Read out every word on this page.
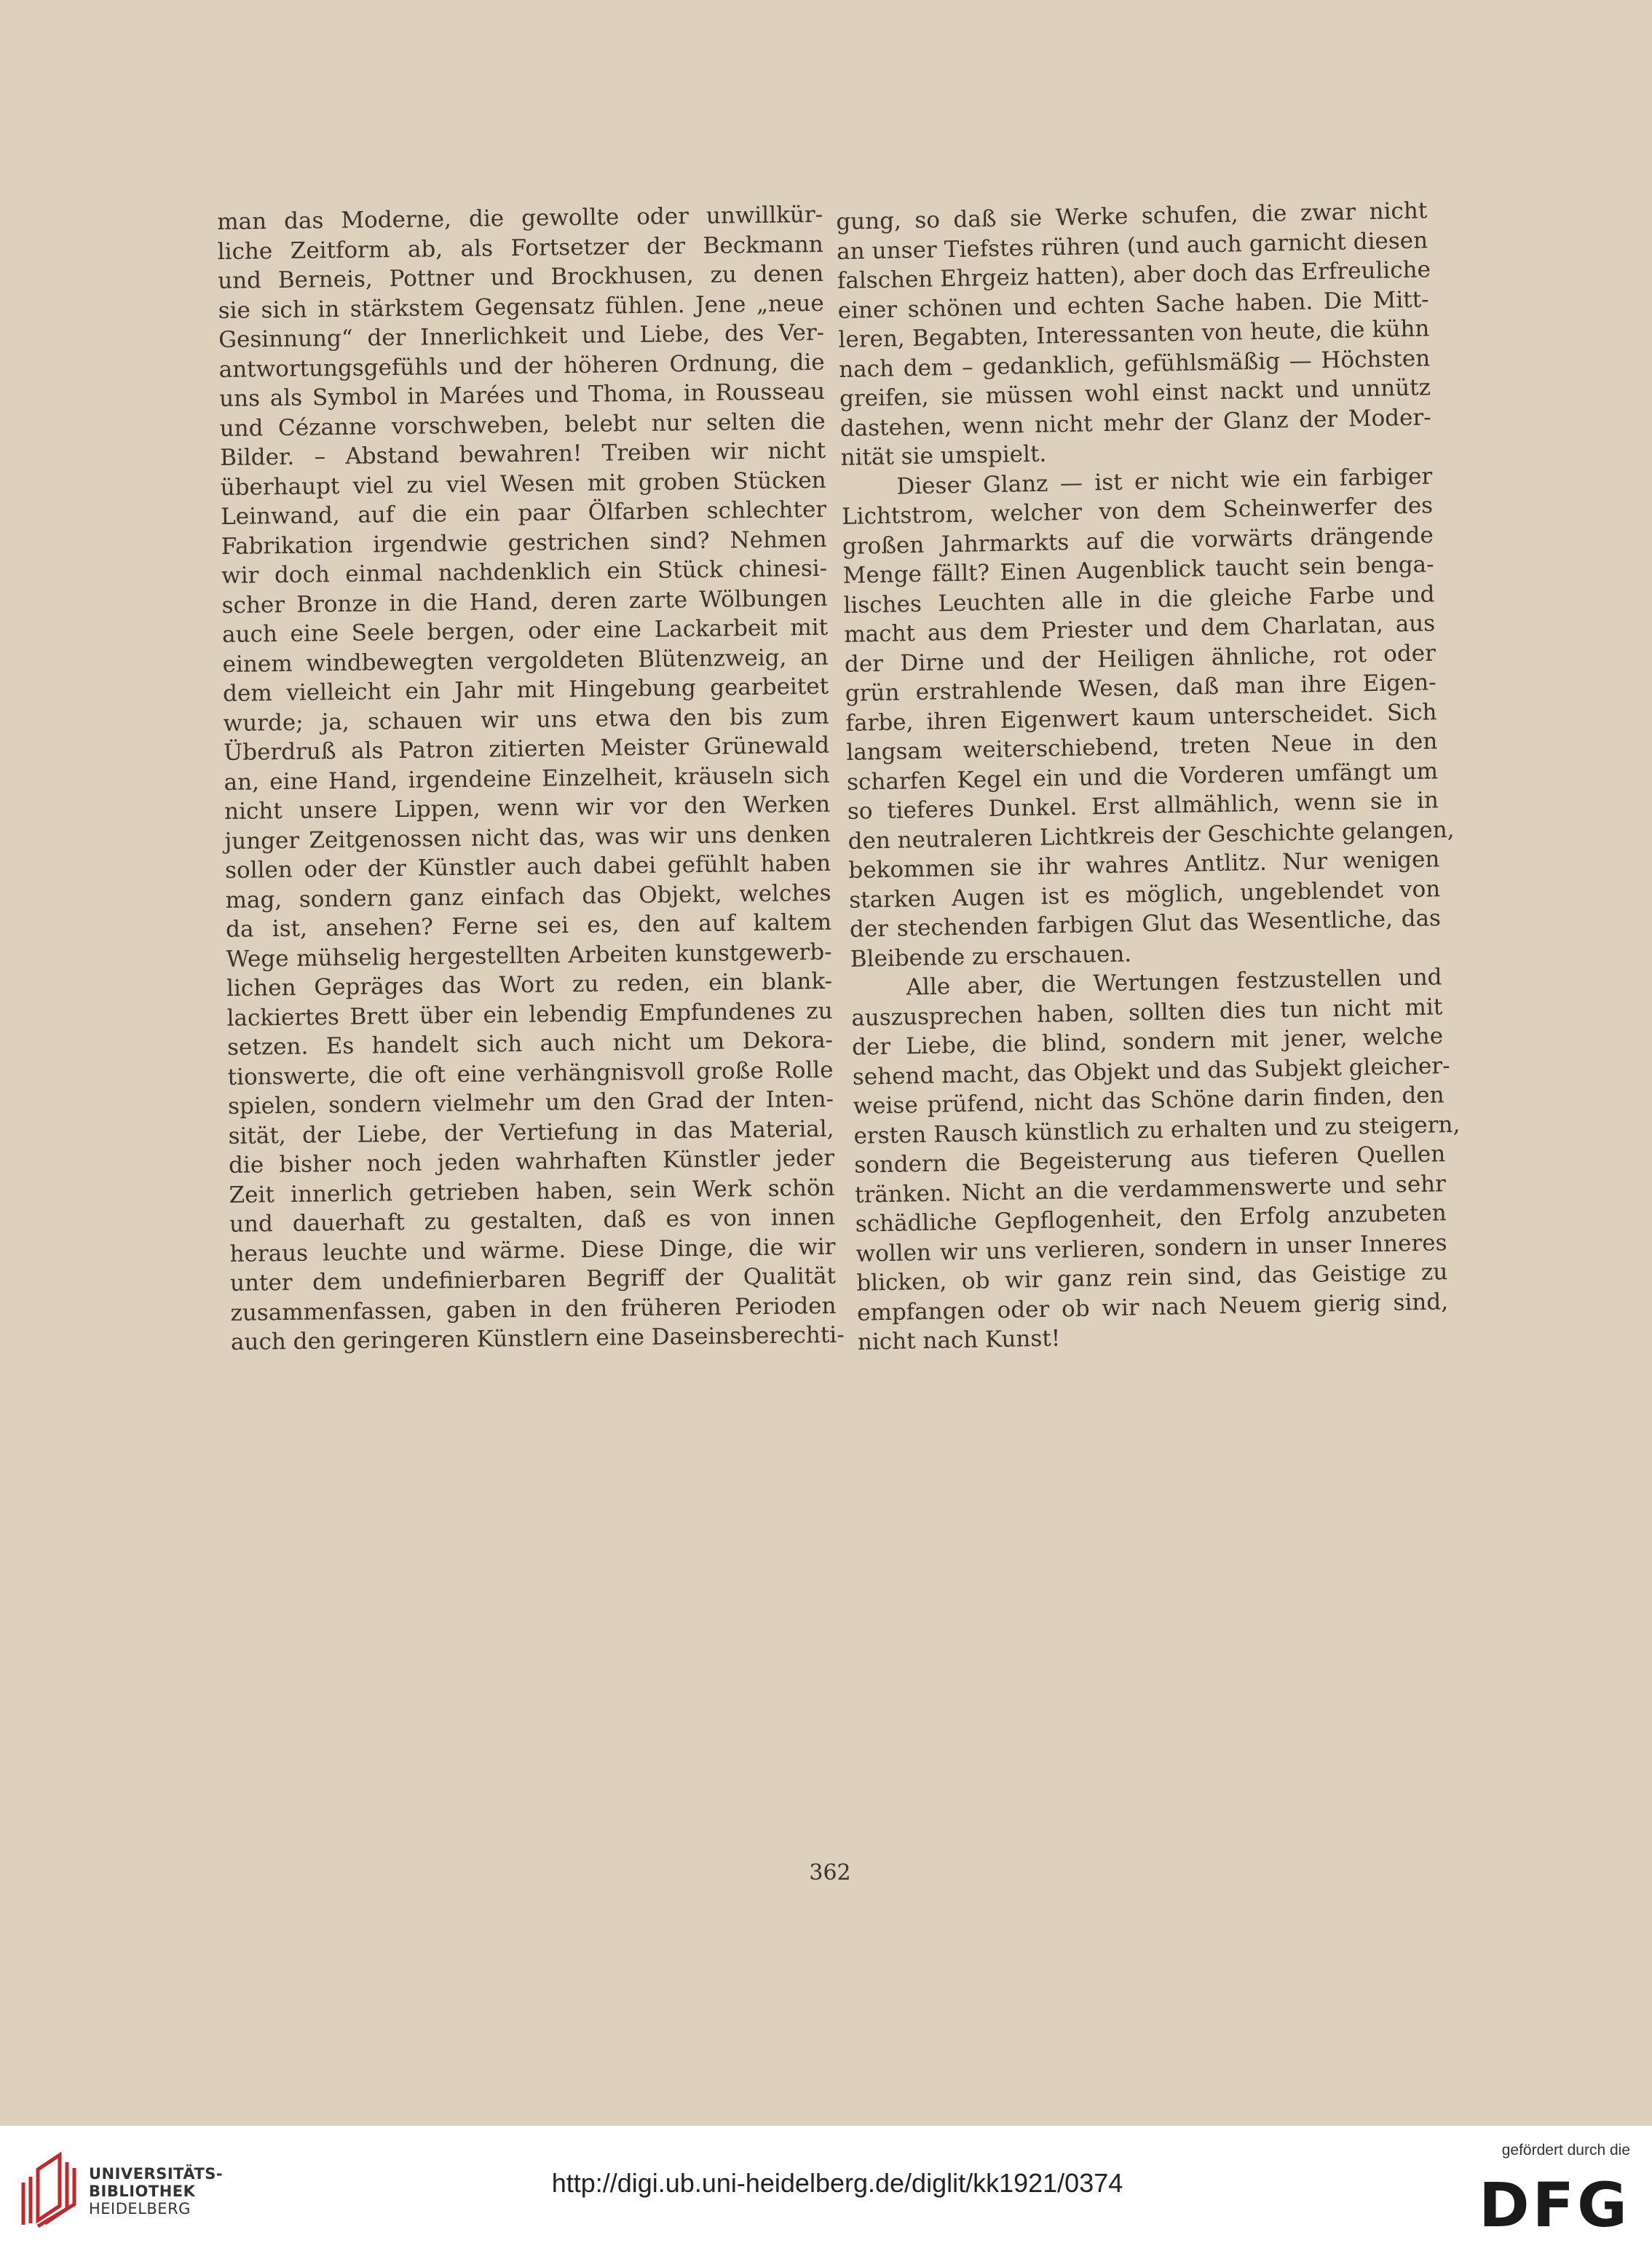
man das Moderne, die gewollte oder unwillkür-
liche Zeitform ab, als Fortsetzer der Beckmann
und Berneis, Pottner und Brockhusen, zu denen
sie sich in stärkstem Gegensatz fühlen. Jene „neue
Gesinnung“ der Innerlichkeit und Liebe, des Ver-
antwortungsgefühls und der höheren Ordnung, die
uns als Symbol in Marées und Thoma, in Rousseau
und Cézanne vorschweben, belebt nur selten die
Bilder. – Abstand bewahren! Treiben wir nicht
überhaupt viel zu viel Wesen mit groben Stücken
Leinwand, auf die ein paar Ölfarben schlechter
Fabrikation irgendwie gestrichen sind? Nehmen
wir doch einmal nachdenklich ein Stück chinesi-
scher Bronze in die Hand, deren zarte Wölbungen
auch eine Seele bergen, oder eine Lackarbeit mit
einem windbewegten vergoldeten Blütenzweig, an
dem vielleicht ein Jahr mit Hingebung gearbeitet
wurde; ja, schauen wir uns etwa den bis zum
Überdruß als Patron zitierten Meister Grünewald
an, eine Hand, irgendeine Einzelheit, kräuseln sich
nicht unsere Lippen, wenn wir vor den Werken
junger Zeitgenossen nicht das, was wir uns denken
sollen oder der Künstler auch dabei gefühlt haben
mag, sondern ganz einfach das Objekt, welches
da ist, ansehen? Ferne sei es, den auf kaltem
Wege mühselig hergestellten Arbeiten kunstgewerb-
lichen Gepräges das Wort zu reden, ein blank-
lackiertes Brett über ein lebendig Empfundenes zu
setzen. Es handelt sich auch nicht um Dekora-
tionswerte, die oft eine verhängnisvoll große Rolle
spielen, sondern vielmehr um den Grad der Inten-
sität, der Liebe, der Vertiefung in das Material,
die bisher noch jeden wahrhaften Künstler jeder
Zeit innerlich getrieben haben, sein Werk schön
und dauerhaft zu gestalten, daß es von innen
heraus leuchte und wärme. Diese Dinge, die wir
unter dem undefinierbaren Begriff der Qualität
zusammenfassen, gaben in den früheren Perioden
auch den geringeren Künstlern eine Daseinsberechti-
gung, so daß sie Werke schufen, die zwar nicht
an unser Tiefstes rühren (und auch garnicht diesen
falschen Ehrgeiz hatten), aber doch das Erfreuliche
einer schönen und echten Sache haben. Die Mitt-
leren, Begabten, Interessanten von heute, die kühn
nach dem – gedanklich, gefühlsmäßig — Höchsten
greifen, sie müssen wohl einst nackt und unnütz
dastehen, wenn nicht mehr der Glanz der Moder-
nität sie umspielt.
Dieser Glanz — ist er nicht wie ein farbiger
Lichtstrom, welcher von dem Scheinwerfer des
großen Jahrmarkts auf die vorwärts drängende
Menge fällt? Einen Augenblick taucht sein benga-
lisches Leuchten alle in die gleiche Farbe und
macht aus dem Priester und dem Charlatan, aus
der Dirne und der Heiligen ähnliche, rot oder
grün erstrahlende Wesen, daß man ihre Eigen-
farbe, ihren Eigenwert kaum unterscheidet. Sich
langsam weiterschiebend, treten Neue in den
scharfen Kegel ein und die Vorderen umfängt um
so tieferes Dunkel. Erst allmählich, wenn sie in
den neutraleren Lichtkreis der Geschichte gelangen,
bekommen sie ihr wahres Antlitz. Nur wenigen
starken Augen ist es möglich, ungeblendet von
der stechenden farbigen Glut das Wesentliche, das
Bleibende zu erschauen.
Alle aber, die Wertungen festzustellen und
auszusprechen haben, sollten dies tun nicht mit
der Liebe, die blind, sondern mit jener, welche
sehend macht, das Objekt und das Subjekt gleicher-
weise prüfend, nicht das Schöne darin finden, den
ersten Rausch künstlich zu erhalten und zu steigern,
sondern die Begeisterung aus tieferen Quellen
tränken. Nicht an die verdammenswerte und sehr
schädliche Gepflogenheit, den Erfolg anzubeten
wollen wir uns verlieren, sondern in unser Inneres
blicken, ob wir ganz rein sind, das Geistige zu
empfangen oder ob wir nach Neuem gierig sind,
nicht nach Kunst!
362
UNIVERSITÄTS-
BIBLIOTHEK
HEIDELBERG
http://digi.ub.uni-heidelberg.de/diglit/kk1921/0374
gefördert durch die
DFG
